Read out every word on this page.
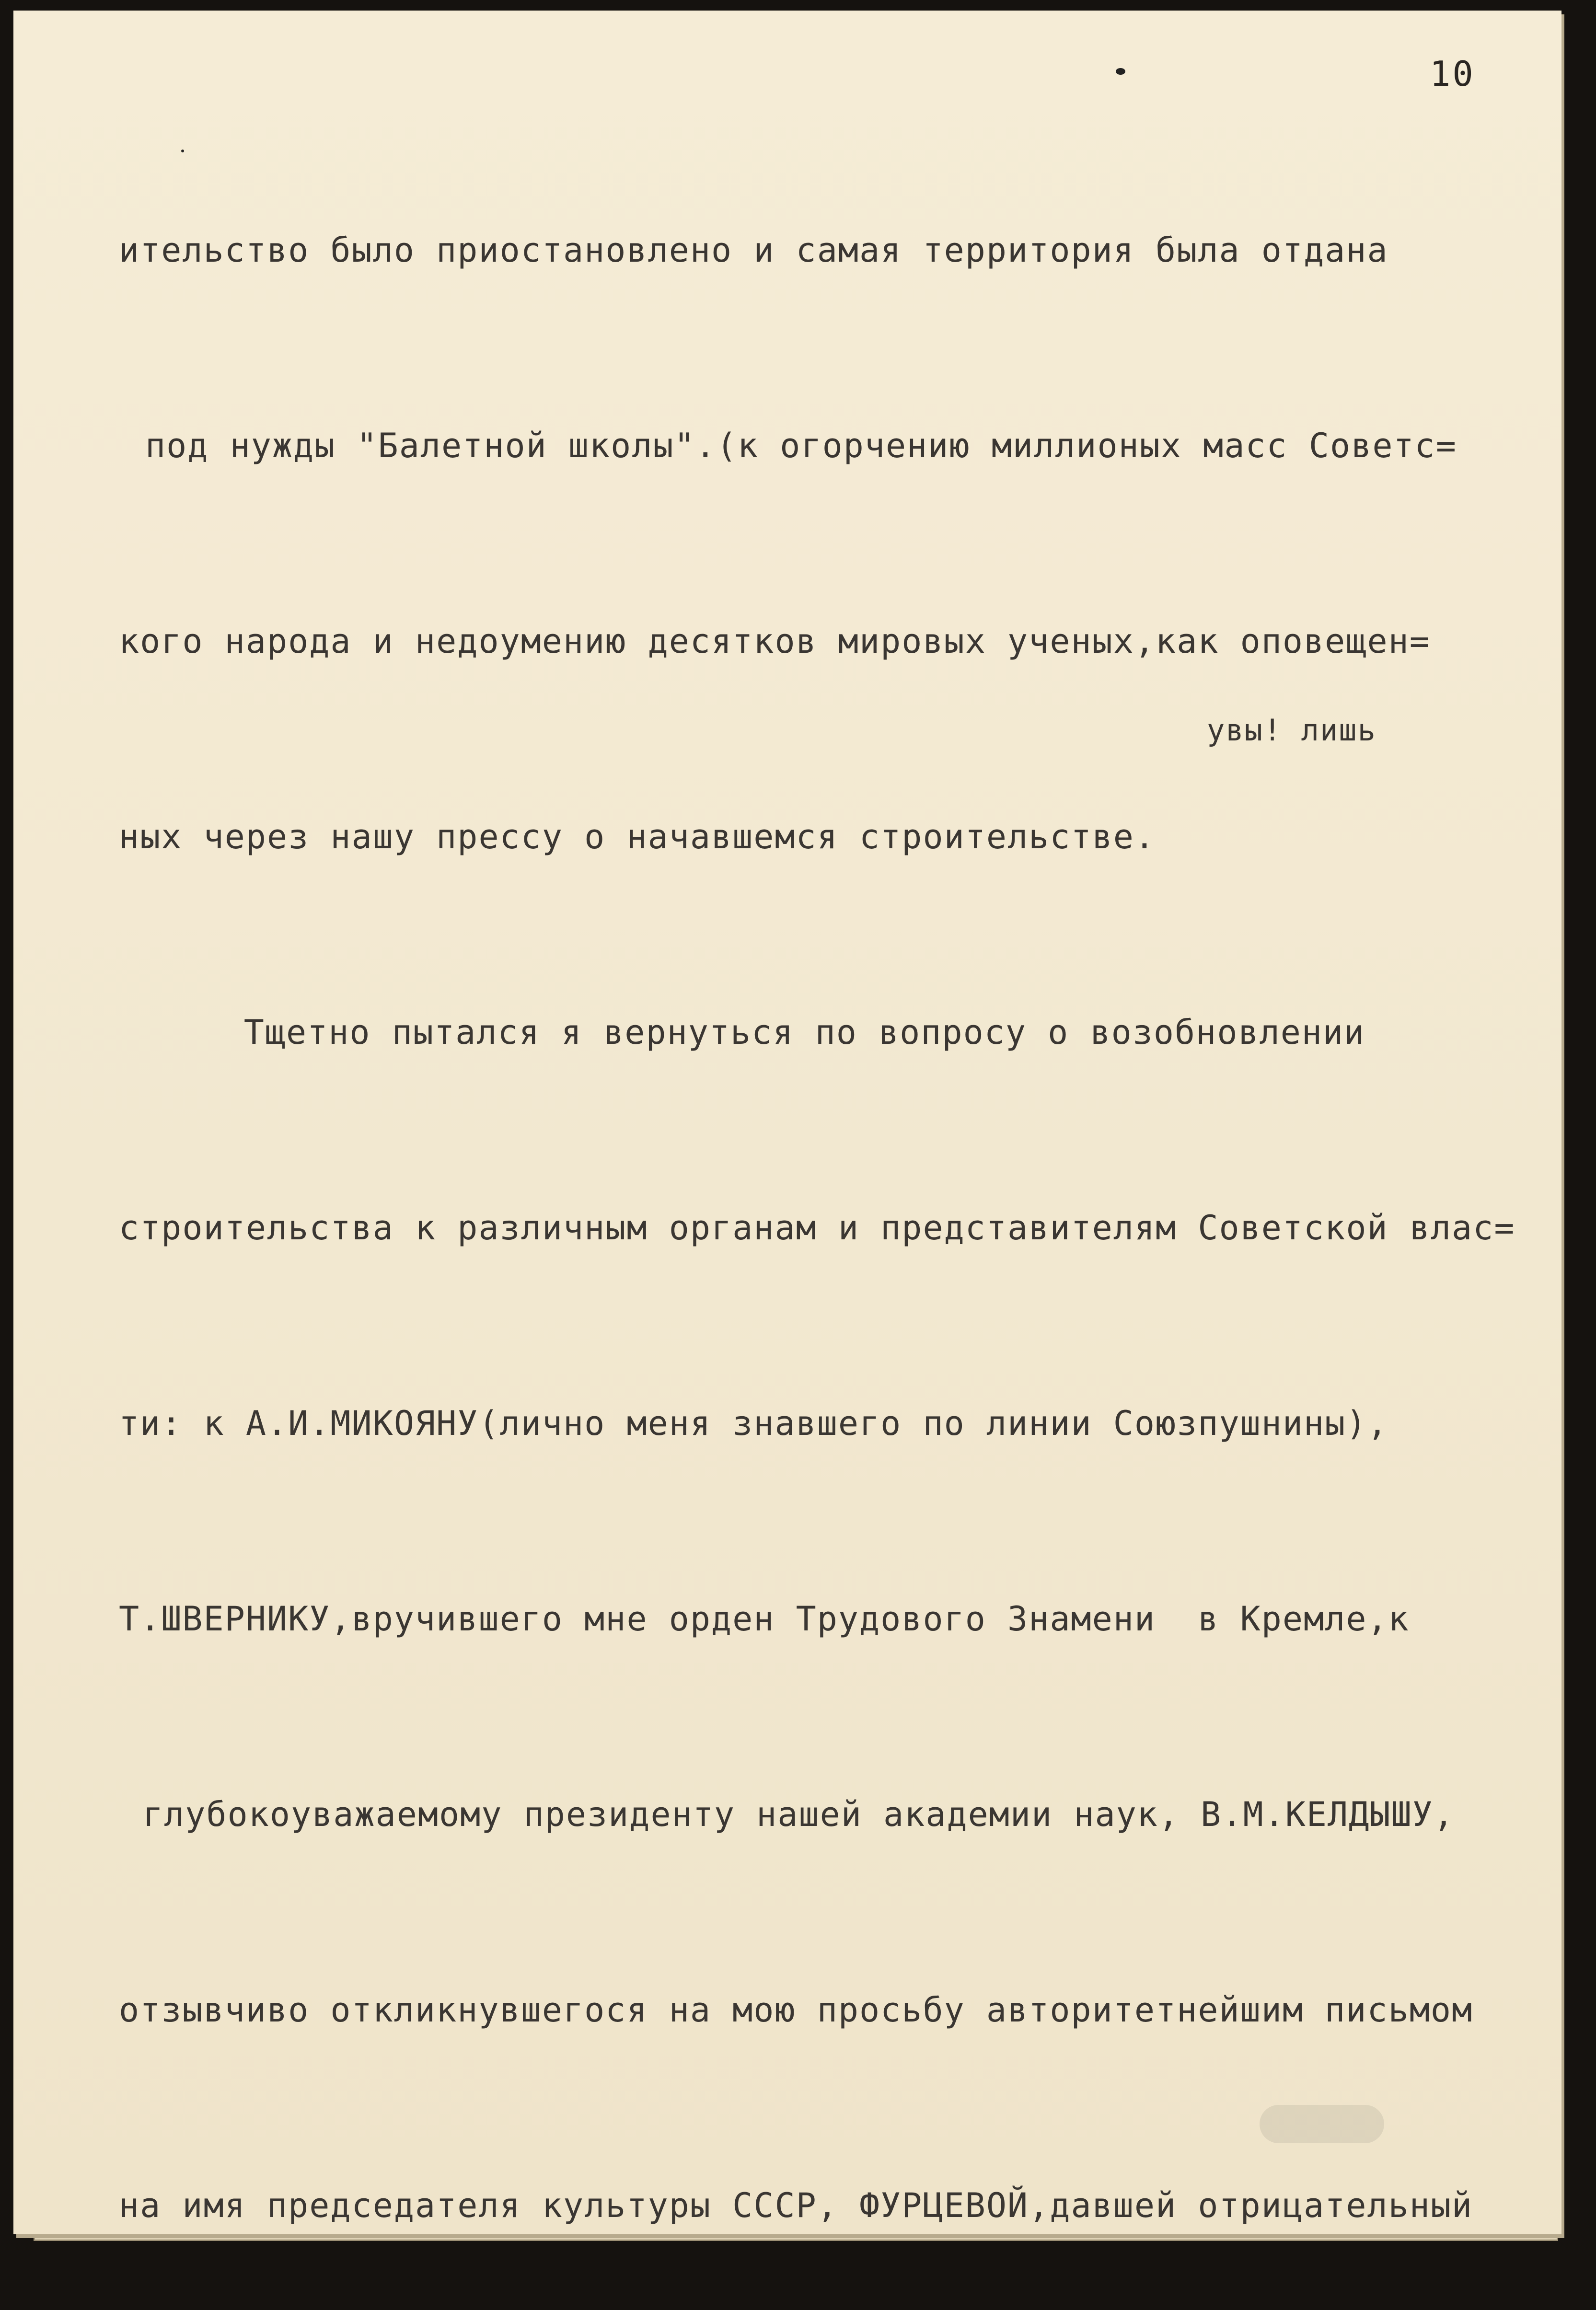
10

ительство было приостановлено и самая территория была отдана

под нужды "Балетной школы".(к огорчению миллионых масс Советс=

кого народа и недоумению десятков мировых ученых,как оповещен=

ных через нашу прессу о начавшемся строительстве.

Тщетно пытался я вернуться по вопросу о возобновлении

строительства к различным органам и представителям Советской влас=

ти: к А.И.МИКОЯНУ(лично меня знавшего по линии Союзпушнины),

Т.ШВЕРНИКУ,вручившего мне орден Трудового Знамени  в Кремле,к

глубокоуважаемому президенту нашей академии наук, В.М.КЕЛДЫШУ,

отзывчиво откликнувшегося на мою просьбу авторитетнейшим письмом

на имя председателя культуры СССР, ФУРЦЕВОЙ,давшей отрицательный

увы! лишь
